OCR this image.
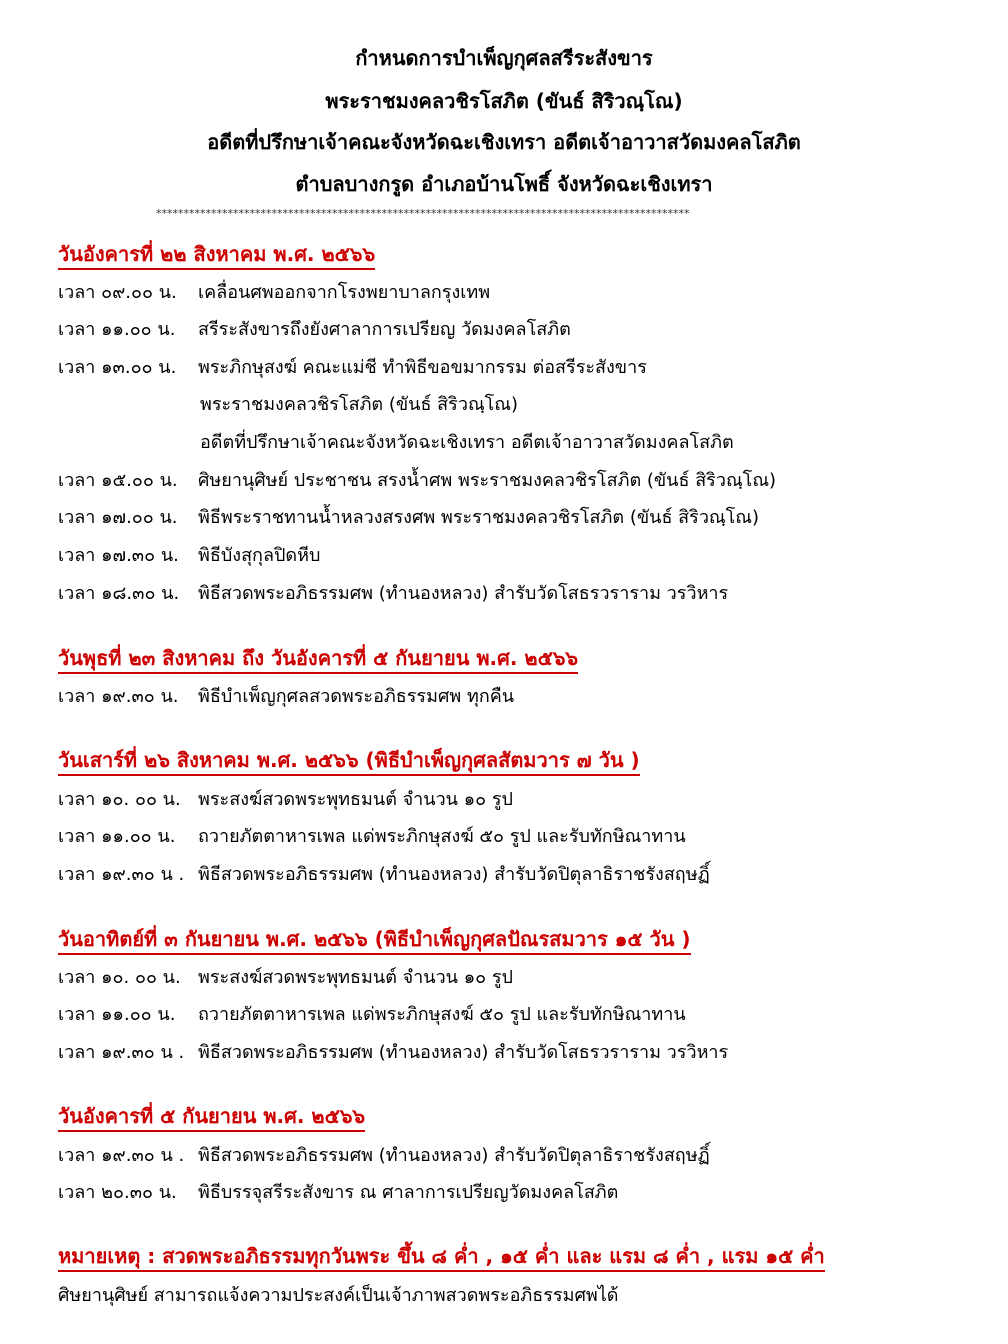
กำหนดการบำเพ็ญกุศลสรีระสังขาร
พระราชมงคลวชิรโสภิต (ขันธ์ สิริวณฺโณ)
อดีตที่ปรึกษาเจ้าคณะจังหวัดฉะเชิงเทรา อดีตเจ้าอาวาสวัดมงคลโสภิต
ตำบลบางกรูด อำเภอบ้านโพธิ์ จังหวัดฉะเชิงเทรา
*************************************************************************************************
วันอังคารที่ ๒๒ สิงหาคม พ.ศ. ๒๕๖๖
เวลา ๐๙.๐๐ น. เคลื่อนศพออกจากโรงพยาบาลกรุงเทพ
เวลา ๑๑.๐๐ น. สรีระสังขารถึงยังศาลาการเปรียญ วัดมงคลโสภิต
เวลา ๑๓.๐๐ น. พระภิกษุสงฆ์ คณะแม่ชี ทำพิธีขอขมากรรม ต่อสรีระสังขาร
พระราชมงคลวชิรโสภิต (ขันธ์ สิริวณฺโณ)
อดีตที่ปรึกษาเจ้าคณะจังหวัดฉะเชิงเทรา อดีตเจ้าอาวาสวัดมงคลโสภิต
เวลา ๑๕.๐๐ น. ศิษยานุศิษย์ ประชาชน สรงน้ำศพ พระราชมงคลวชิรโสภิต (ขันธ์ สิริวณฺโณ)
เวลา ๑๗.๐๐ น. พิธีพระราชทานน้ำหลวงสรงศพ พระราชมงคลวชิรโสภิต (ขันธ์ สิริวณฺโณ)
เวลา ๑๗.๓๐ น. พิธีบังสุกุลปิดหีบ
เวลา ๑๘.๓๐ น. พิธีสวดพระอภิธรรมศพ (ทำนองหลวง) สำรับวัดโสธรวราราม วรวิหาร
วันพุธที่ ๒๓ สิงหาคม ถึง วันอังคารที่ ๕ กันยายน พ.ศ. ๒๕๖๖
เวลา ๑๙.๓๐ น. พิธีบำเพ็ญกุศลสวดพระอภิธรรมศพ ทุกคืน
วันเสาร์ที่ ๒๖ สิงหาคม พ.ศ. ๒๕๖๖ (พิธีบำเพ็ญกุศลสัตมวาร ๗ วัน )
เวลา ๑๐. ๐๐ น. พระสงฆ์สวดพระพุทธมนต์ จำนวน ๑๐ รูป
เวลา ๑๑.๐๐ น. ถวายภัตตาหารเพล แด่พระภิกษุสงฆ์ ๕๐ รูป และรับทักษิณาทาน
เวลา ๑๙.๓๐ น . พิธีสวดพระอภิธรรมศพ (ทำนองหลวง) สำรับวัดปิตุลาธิราชรังสฤษฏิ์
วันอาทิตย์ที่ ๓ กันยายน พ.ศ. ๒๕๖๖ (พิธีบำเพ็ญกุศลปัณรสมวาร ๑๕ วัน )
เวลา ๑๐. ๐๐ น. พระสงฆ์สวดพระพุทธมนต์ จำนวน ๑๐ รูป
เวลา ๑๑.๐๐ น. ถวายภัตตาหารเพล แด่พระภิกษุสงฆ์ ๕๐ รูป และรับทักษิณาทาน
เวลา ๑๙.๓๐ น . พิธีสวดพระอภิธรรมศพ (ทำนองหลวง) สำรับวัดโสธรวราราม วรวิหาร
วันอังคารที่ ๕ กันยายน พ.ศ. ๒๕๖๖
เวลา ๑๙.๓๐ น . พิธีสวดพระอภิธรรมศพ (ทำนองหลวง) สำรับวัดปิตุลาธิราชรังสฤษฏิ์
เวลา ๒๐.๓๐ น. พิธีบรรจุสรีระสังขาร ณ ศาลาการเปรียญวัดมงคลโสภิต
หมายเหตุ : สวดพระอภิธรรมทุกวันพระ ขึ้น ๘ ค่ำ , ๑๕ ค่ำ และ แรม ๘ ค่ำ , แรม ๑๕ ค่ำ
ศิษยานุศิษย์ สามารถแจ้งความประสงค์เป็นเจ้าภาพสวดพระอภิธรรมศพได้
